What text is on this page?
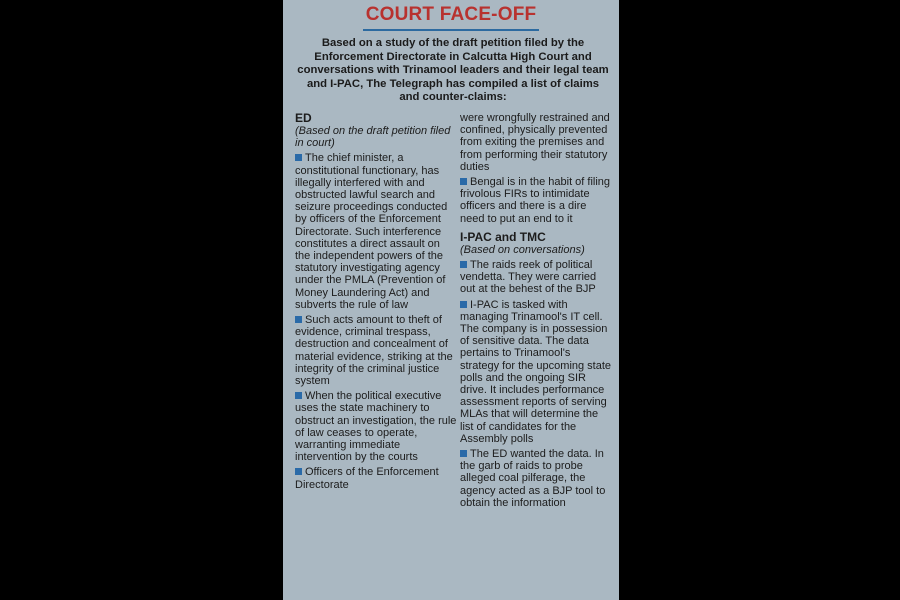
COURT FACE-OFF
Based on a study of the draft petition filed by the Enforcement Directorate in Calcutta High Court and conversations with Trinamool leaders and their legal team and I-PAC, The Telegraph has compiled a list of claims and counter-claims:
ED
(Based on the draft petition filed in court)
The chief minister, a constitutional functionary, has illegally interfered with and obstructed lawful search and seizure proceedings conducted by officers of the Enforcement Directorate. Such interference constitutes a direct assault on the independent powers of the statutory investigating agency under the PMLA (Prevention of Money Laundering Act) and subverts the rule of law
Such acts amount to theft of evidence, criminal trespass, destruction and concealment of material evidence, striking at the integrity of the criminal justice system
When the political executive uses the state machinery to obstruct an investigation, the rule of law ceases to operate, warranting immediate intervention by the courts
Officers of the Enforcement Directorate
were wrongfully restrained and confined, physically prevented from exiting the premises and from performing their statutory duties
Bengal is in the habit of filing frivolous FIRs to intimidate officers and there is a dire need to put an end to it
I-PAC and TMC
(Based on conversations)
The raids reek of political vendetta. They were carried out at the behest of the BJP
I-PAC is tasked with managing Trinamool's IT cell. The company is in possession of sensitive data. The data pertains to Trinamool's strategy for the upcoming state polls and the ongoing SIR drive. It includes performance assessment reports of serving MLAs that will determine the list of candidates for the Assembly polls
The ED wanted the data. In the garb of raids to probe alleged coal pilferage, the agency acted as a BJP tool to obtain the information
